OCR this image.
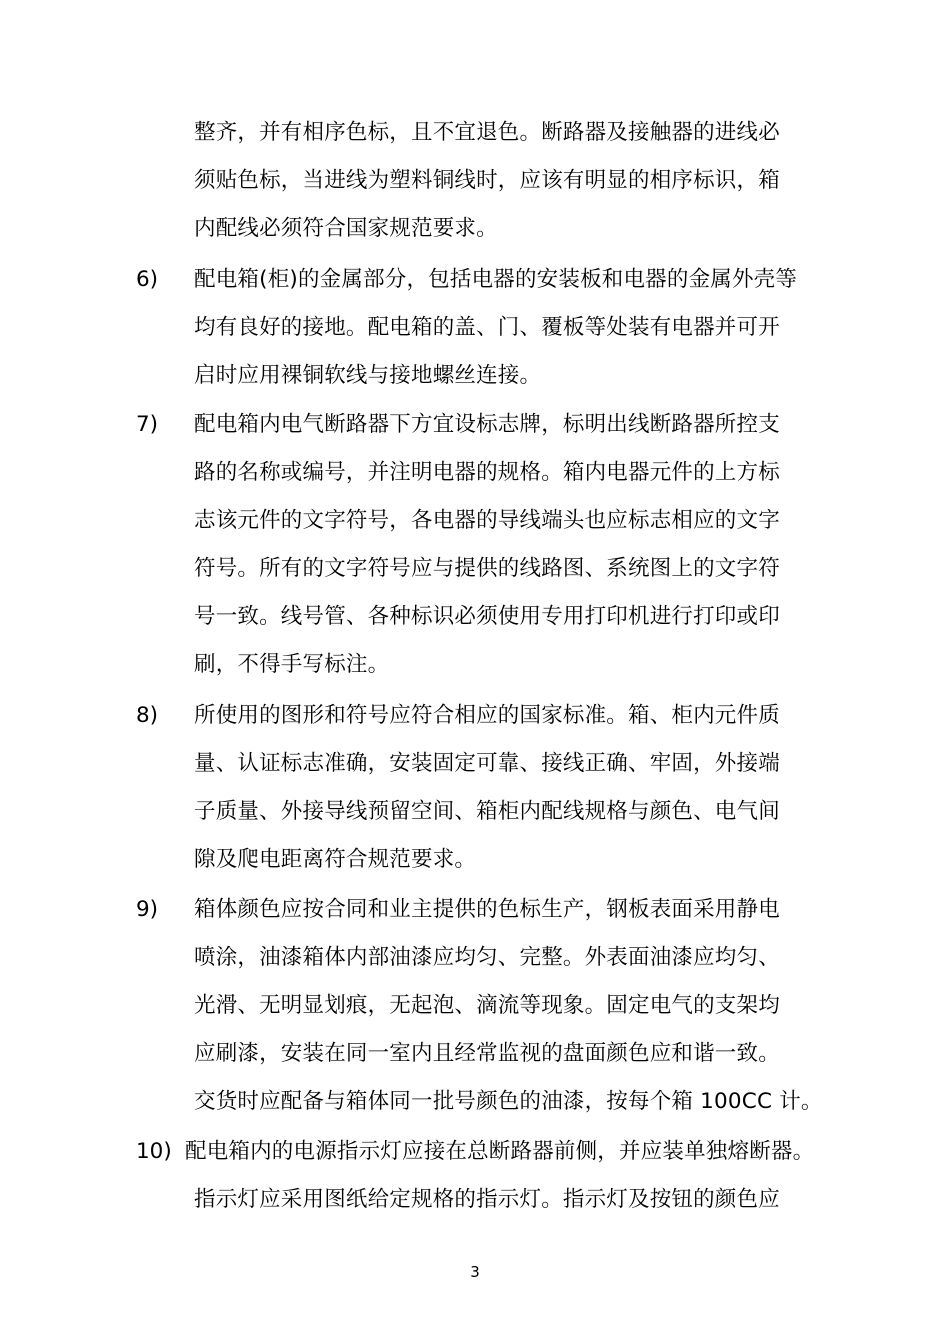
整齐，并有相序色标，且不宜退色。断路器及接触器的进线必
须贴色标，当进线为塑料铜线时，应该有明显的相序标识，箱
内配线必须符合国家规范要求。
6) 配电箱(柜)的金属部分，包括电器的安装板和电器的金属外壳等
均有良好的接地。配电箱的盖、门、覆板等处装有电器并可开
启时应用裸铜软线与接地螺丝连接。
7) 配电箱内电气断路器下方宜设标志牌，标明出线断路器所控支
路的名称或编号，并注明电器的规格。箱内电器元件的上方标
志该元件的文字符号，各电器的导线端头也应标志相应的文字
符号。所有的文字符号应与提供的线路图、系统图上的文字符
号一致。线号管、各种标识必须使用专用打印机进行打印或印
刷，不得手写标注。
8) 所使用的图形和符号应符合相应的国家标准。箱、柜内元件质
量、认证标志准确，安装固定可靠、接线正确、牢固，外接端
子质量、外接导线预留空间、箱柜内配线规格与颜色、电气间
隙及爬电距离符合规范要求。
9) 箱体颜色应按合同和业主提供的色标生产，钢板表面采用静电
喷涂，油漆箱体内部油漆应均匀、完整。外表面油漆应均匀、
光滑、无明显划痕，无起泡、滴流等现象。固定电气的支架均
应刷漆，安装在同一室内且经常监视的盘面颜色应和谐一致。
交货时应配备与箱体同一批号颜色的油漆，按每个箱 100CC 计。
10) 配电箱内的电源指示灯应接在总断路器前侧，并应装单独熔断器。
指示灯应采用图纸给定规格的指示灯。指示灯及按钮的颜色应
3
